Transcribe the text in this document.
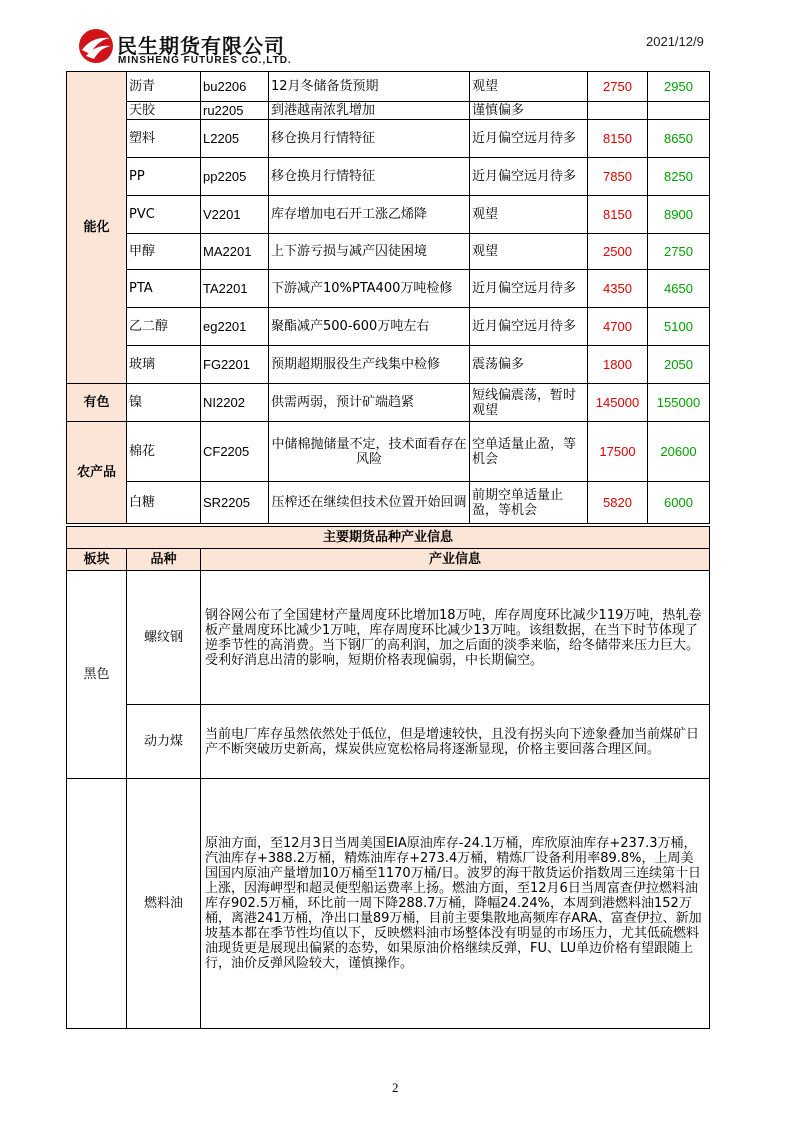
民生期货有限公司
MINSHENG FUTURES CO.,LTD.
2021/12/9
能化	沥青	bu2206	12月冬储备货预期	观望	2750	2950
	天胶	ru2205	到港越南浓乳增加	谨慎偏多		
	塑料	L2205	移仓换月行情特征	近月偏空远月待多	8150	8650
	PP	pp2205	移仓换月行情特征	近月偏空远月待多	7850	8250
	PVC	V2201	库存增加电石开工涨乙烯降	观望	8150	8900
	甲醇	MA2201	上下游亏损与减产囚徒困境	观望	2500	2750
	PTA	TA2201	下游减产10%PTA400万吨检修	近月偏空远月待多	4350	4650
	乙二醇	eg2201	聚酯减产500-600万吨左右	近月偏空远月待多	4700	5100
	玻璃	FG2201	预期超期服役生产线集中检修	震荡偏多	1800	2050
有色	镍	NI2202	供需两弱，预计矿端趋紧	短线偏震荡，暂时观望	145000	155000
农产品	棉花	CF2205	中储棉抛储量不定，技术面看存在风险	空单适量止盈，等机会	17500	20600
	白糖	SR2205	压榨还在继续但技术位置开始回调	前期空单适量止盈，等机会	5820	6000
主要期货品种产业信息		
板块	品种	产业信息
黑色	螺纹钢	钢谷网公布了全国建材产量周度环比增加18万吨，库存周度环比减少119万吨，热轧卷板产量周度环比减少1万吨，库存周度环比减少13万吨。该组数据，在当下时节体现了逆季节性的高消费。当下钢厂的高利润，加之后面的淡季来临，给冬储带来压力巨大。受利好消息出清的影响，短期价格表现偏弱，中长期偏空。
	动力煤	当前电厂库存虽然依然处于低位，但是增速较快，且没有拐头向下迹象叠加当前煤矿日产不断突破历史新高，煤炭供应宽松格局将逐渐显现，价格主要回落合理区间。
	燃料油	原油方面，至12月3日当周美国EIA原油库存-24.1万桶，库欣原油库存+237.3万桶，汽油库存+388.2万桶，精炼油库存+273.4万桶，精炼厂设备利用率89.8%，上周美国国内原油产量增加10万桶至1170万桶/日。波罗的海干散货运价指数周三连续第十日上涨，因海岬型和超灵便型船运费率上扬。燃油方面，至12月6日当周富查伊拉燃料油库存902.5万桶，环比前一周下降288.7万桶，降幅24.24%，本周到港燃料油152万桶，离港241万桶，净出口量89万桶，目前主要集散地高频库存ARA、富查伊拉、新加坡基本都在季节性均值以下，反映燃料油市场整体没有明显的市场压力，尤其低硫燃料油现货更是展现出偏紧的态势，如果原油价格继续反弹，FU、LU单边价格有望跟随上行，油价反弹风险较大，谨慎操作。
2
